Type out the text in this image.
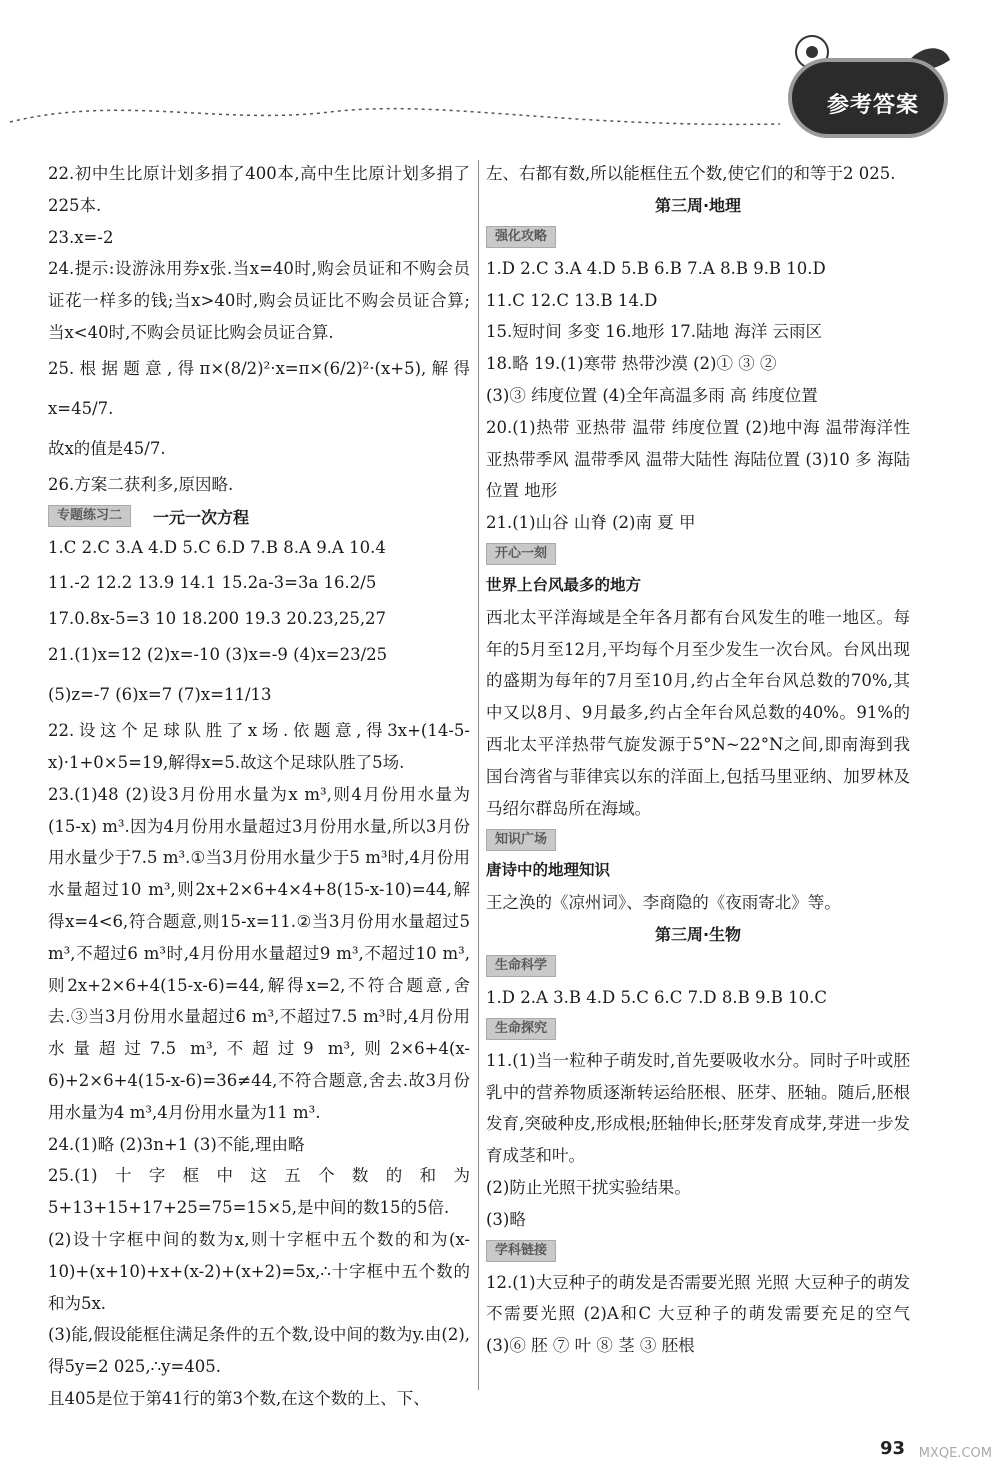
参考答案

22.初中生比原计划多捐了400本,高中生比原计划多捐了225本.

23.x=-2

24.提示:设游泳用券x张.当x=40时,购会员证和不购会员证花一样多的钱;当x>40时,购会员证比不购会员证合算;当x<40时,不购会员证比购会员证合算.

25.根据题意,得π×(8/2)²·x=π×(6/2)²·(x+5),解得x=45/7.

故x的值是45/7.

26.方案二获利多,原因略.

专题练习二	一元一次方程

1.C 2.C 3.A 4.D 5.C 6.D 7.B 8.A 9.A 10.4

11.-2 12.2 13.9 14.1 15.2a-3=3a 16.2/5

17.0.8x-5=3 10 18.200 19.3 20.23,25,27

21.(1)x=12 (2)x=-10 (3)x=-9 (4)x=23/25

(5)z=-7 (6)x=7 (7)x=11/13

22.设这个足球队胜了x场.依题意,得3x+(14-5-x)·1+0×5=19,解得x=5.故这个足球队胜了5场.

23.(1)48 (2)设3月份用水量为x m³,则4月份用水量为(15-x) m³.因为4月份用水量超过3月份用水量,所以3月份用水量少于7.5 m³.①当3月份用水量少于5 m³时,4月份用水量超过10 m³,则2x+2×6+4×4+8(15-x-10)=44,解得x=4<6,符合题意,则15-x=11.②当3月份用水量超过5 m³,不超过6 m³时,4月份用水量超过9 m³,不超过10 m³,则2x+2×6+4(15-x-6)=44,解得x=2,不符合题意,舍去.③当3月份用水量超过6 m³,不超过7.5 m³时,4月份用水量超过7.5 m³,不超过9 m³,则2×6+4(x-6)+2×6+4(15-x-6)=36≠44,不符合题意,舍去.故3月份用水量为4 m³,4月份用水量为11 m³.

24.(1)略 (2)3n+1 (3)不能,理由略

25.(1)十字框中这五个数的和为5+13+15+17+25=75=15×5,是中间的数15的5倍.

(2)设十字框中间的数为x,则十字框中五个数的和为(x-10)+(x+10)+x+(x-2)+(x+2)=5x,∴十字框中五个数的和为5x.

(3)能,假设能框住满足条件的五个数,设中间的数为y.由(2),得5y=2 025,∴y=405.

且405是位于第41行的第3个数,在这个数的上、下、

左、右都有数,所以能框住五个数,使它们的和等于2 025.

第三周·地理

强化攻略

1.D 2.C 3.A 4.D 5.B 6.B 7.A 8.B 9.B 10.D

11.C 12.C 13.B 14.D

15.短时间 多变 16.地形 17.陆地 海洋 云雨区

18.略 19.(1)寒带 热带沙漠 (2)① ③ ②

(3)③ 纬度位置 (4)全年高温多雨 高 纬度位置

20.(1)热带 亚热带 温带 纬度位置 (2)地中海 温带海洋性 亚热带季风 温带季风 温带大陆性 海陆位置 (3)10 多 海陆位置 地形

21.(1)山谷 山脊 (2)南 夏 甲

开心一刻

世界上台风最多的地方

西北太平洋海域是全年各月都有台风发生的唯一地区。每年的5月至12月,平均每个月至少发生一次台风。台风出现的盛期为每年的7月至10月,约占全年台风总数的70%,其中又以8月、9月最多,约占全年台风总数的40%。91%的西北太平洋热带气旋发源于5°N~22°N之间,即南海到我国台湾省与菲律宾以东的洋面上,包括马里亚纳、加罗林及马绍尔群岛所在海域。

知识广场

唐诗中的地理知识

王之涣的《凉州词》、李商隐的《夜雨寄北》等。

第三周·生物

生命科学

1.D 2.A 3.B 4.D 5.C 6.C 7.D 8.B 9.B 10.C

生命探究

11.(1)当一粒种子萌发时,首先要吸收水分。同时子叶或胚乳中的营养物质逐渐转运给胚根、胚芽、胚轴。随后,胚根发育,突破种皮,形成根;胚轴伸长;胚芽发育成芽,芽进一步发育成茎和叶。

(2)防止光照干扰实验结果。

(3)略

学科链接

12.(1)大豆种子的萌发是否需要光照 光照 大豆种子的萌发不需要光照 (2)A和C 大豆种子的萌发需要充足的空气 (3)⑥ 胚 ⑦ 叶 ⑧ 茎 ③ 胚根

MXQE.COM
93
